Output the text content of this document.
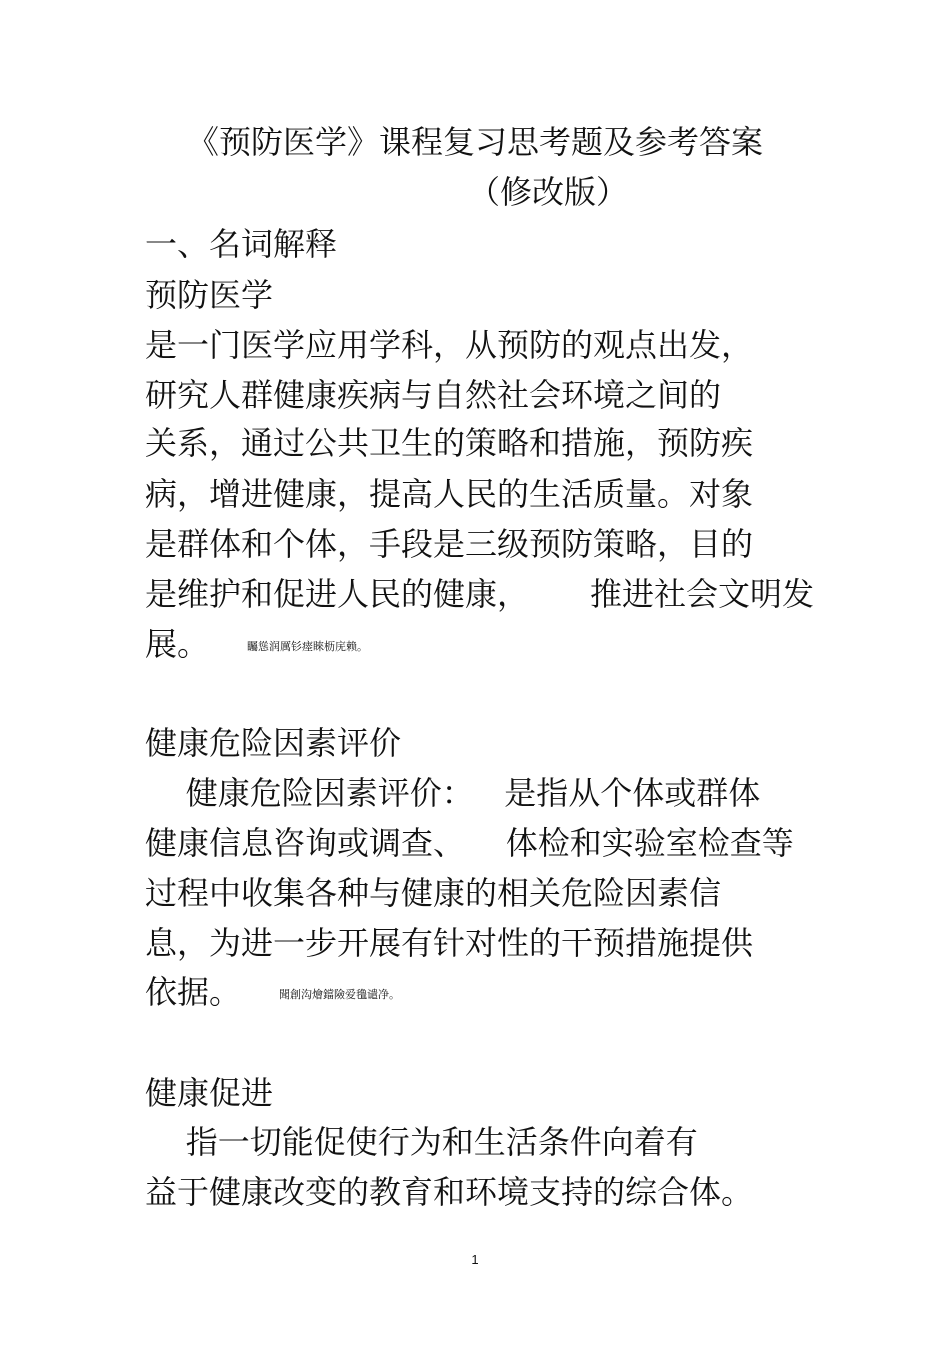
《预防医学》课程复习思考题及参考答案
（修改版）
一、名词解释
预防医学
是一门医学应用学科，从预防的观点出发，
研究人群健康疾病与自然社会环境之间的
关系，通过公共卫生的策略和措施，预防疾
病，增进健康，提高人民的生活质量。对象
是群体和个体，手段是三级预防策略，目的
是维护和促进人民的健康，      推进社会文明发
展。	矚慫润厲钐瘗睞枥庑赖。
健康危险因素评价
健康危险因素评价：   是指从个体或群体
健康信息咨询或调查、    体检和实验室检查等
过程中收集各种与健康的相关危险因素信
息，为进一步开展有针对性的干预措施提供
依据。	聞創沟燴鐺險爱氇谴净。
健康促进
指一切能促使行为和生活条件向着有
益于健康改变的教育和环境支持的综合体。
1
